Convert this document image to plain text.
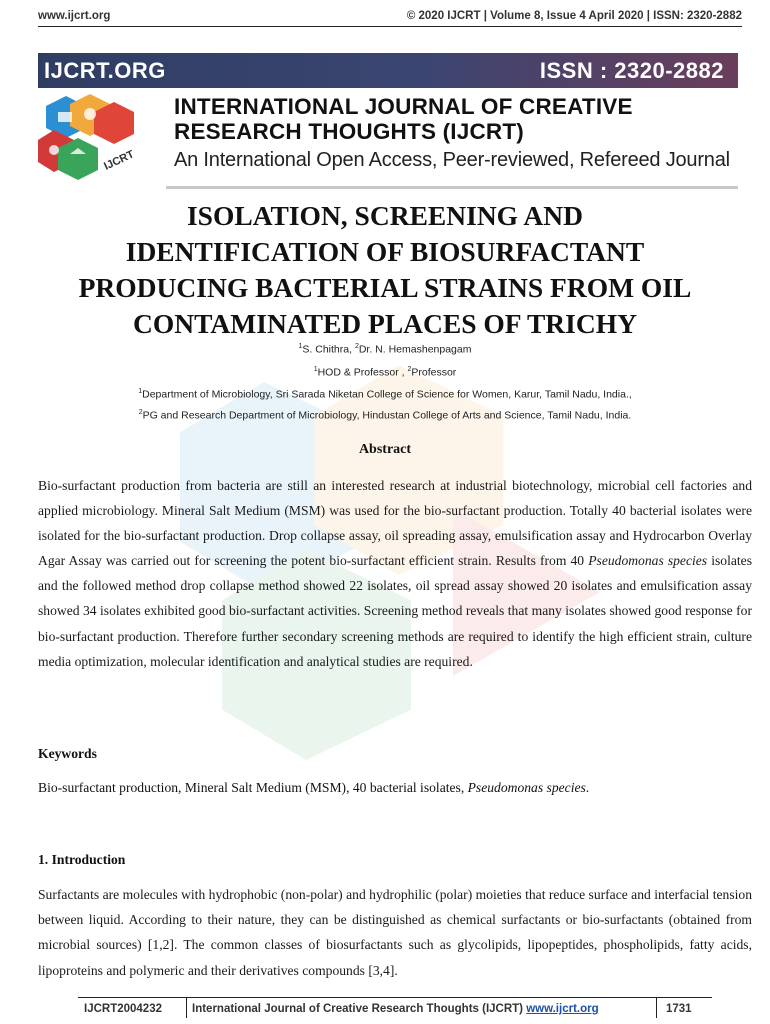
www.ijcrt.org	© 2020 IJCRT | Volume 8, Issue 4 April 2020 | ISSN: 2320-2882
IJCRT.ORG	ISSN : 2320-2882
IJCRT
INTERNATIONAL JOURNAL OF CREATIVE
RESEARCH THOUGHTS (IJCRT)
An International Open Access, Peer-reviewed, Refereed Journal
ISOLATION, SCREENING AND
IDENTIFICATION OF BIOSURFACTANT
PRODUCING BACTERIAL STRAINS FROM OIL
CONTAMINATED PLACES OF TRICHY
$^1$S. Chithra, $^2$Dr. N. Hemashenpagam
$^1$HOD & Professor , $^2$Professor
$^1$Department of Microbiology, Sri Sarada Niketan College of Science for Women, Karur, Tamil Nadu, India.,
$^2$PG and Research Department of Microbiology, Hindustan College of Arts and Science, Tamil Nadu, India.
Abstract
Bio-surfactant production from bacteria are still an interested research at industrial biotechnology, microbial cell factories and applied microbiology. Mineral Salt Medium (MSM) was used for the bio-surfactant production. Totally 40 bacterial isolates were isolated for the bio-surfactant production. Drop collapse assay, oil spreading assay, emulsification assay and Hydrocarbon Overlay Agar Assay was carried out for screening the potent bio-surfactant efficient strain. Results from 40 Pseudomonas species isolates and the followed method drop collapse method showed 22 isolates, oil spread assay showed 20 isolates and emulsification assay showed 34 isolates exhibited good bio-surfactant activities. Screening method reveals that many isolates showed good response for bio-surfactant production. Therefore further secondary screening methods are required to identify the high efficient strain, culture media optimization, molecular identification and analytical studies are required.
Keywords
Bio-surfactant production, Mineral Salt Medium (MSM), 40 bacterial isolates, Pseudomonas species.
1. Introduction
Surfactants are molecules with hydrophobic (non-polar) and hydrophilic (polar) moieties that reduce surface and interfacial tension between liquid. According to their nature, they can be distinguished as chemical surfactants or bio-surfactants (obtained from microbial sources) [1,2]. The common classes of biosurfactants such as glycolipids, lipopeptides, phospholipids, fatty acids, lipoproteins and polymeric and their derivatives compounds [3,4].
IJCRT2004232	International Journal of Creative Research Thoughts (IJCRT) www.ijcrt.org	1731
